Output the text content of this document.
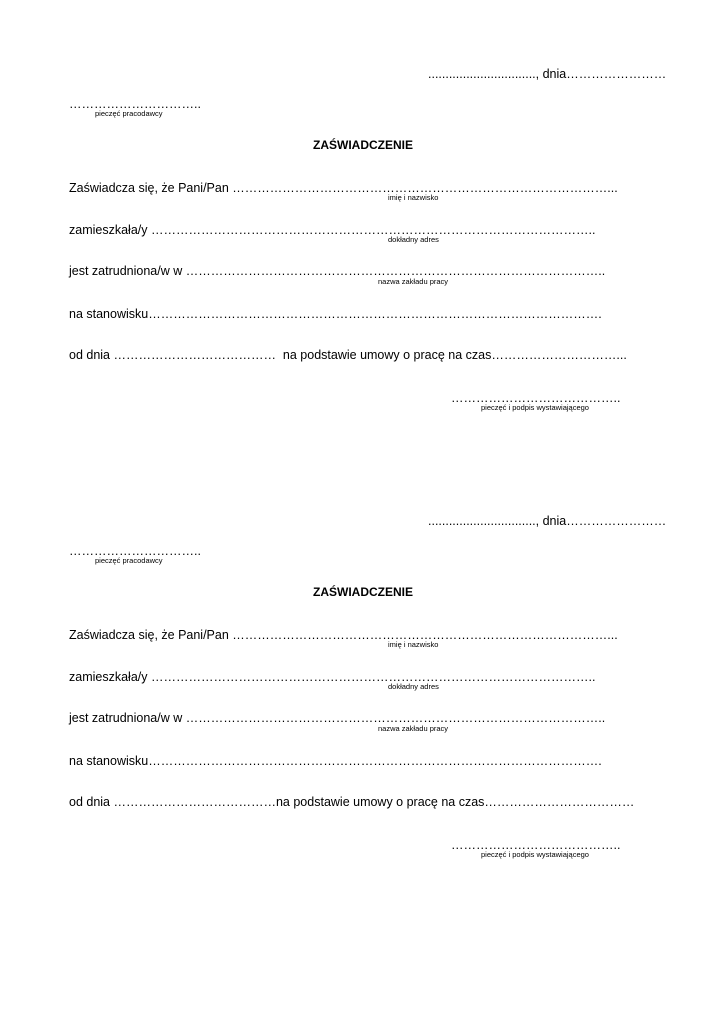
..............................., dnia……………………
…………………………..
pieczęć pracodawcy
ZAŚWIADCZENIE
Zaświadcza się, że Pani/Pan ………………………………………………………………………………...
imię i nazwisko
zamieszkała/y ……………………………………………………………………………………………..
dokładny adres
jest zatrudniona/w w ………………………………………………………………………………………..
nazwa zakładu pracy
na stanowisku……………………………………………………………………………………………….
od dnia …………………………………  na podstawie umowy o pracę na czas…………………………...
…………………………………..
pieczęć i podpis wystawiającego
..............................., dnia……………………
…………………………..
pieczęć pracodawcy
ZAŚWIADCZENIE
Zaświadcza się, że Pani/Pan ………………………………………………………………………………...
imię i nazwisko
zamieszkała/y ……………………………………………………………………………………………..
dokładny adres
jest zatrudniona/w w ………………………………………………………………………………………..
nazwa zakładu pracy
na stanowisku……………………………………………………………………………………………….
od dnia …………………………………na podstawie umowy o pracę na czas………………………………
…………………………………..
pieczęć i podpis wystawiającego
